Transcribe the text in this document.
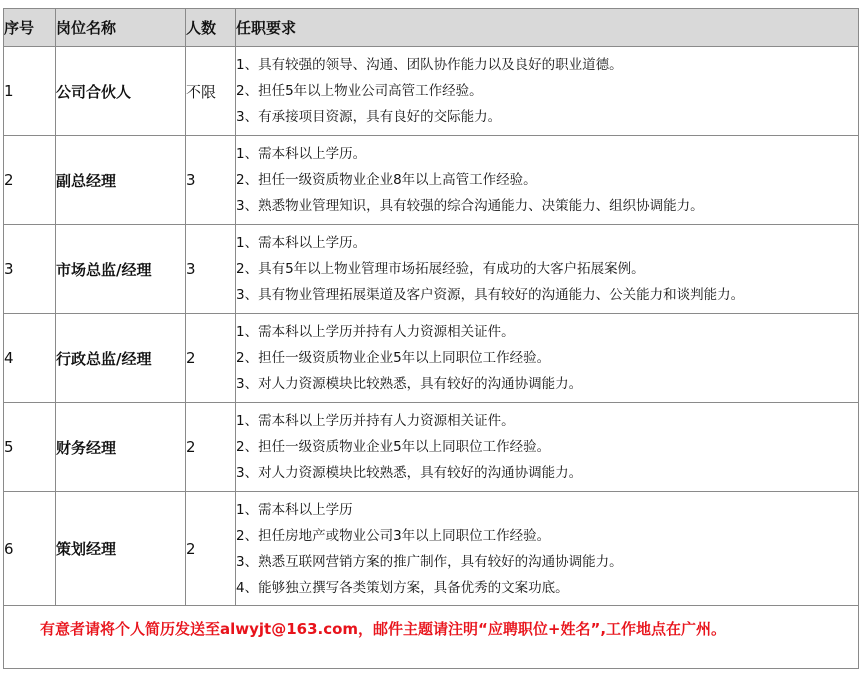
序号	岗位名称	人数	任职要求
1	公司合伙人	不限	1、具有较强的领导、沟通、团队协作能力以及良好的职业道德。
2、担任5年以上物业公司高管工作经验。
3、有承接项目资源，具有良好的交际能力。

2	副总经理	3	1、需本科以上学历。
2、担任一级资质物业企业8年以上高管工作经验。
3、熟悉物业管理知识，具有较强的综合沟通能力、决策能力、组织协调能力。

3	市场总监/经理	3	1、需本科以上学历。
2、具有5年以上物业管理市场拓展经验，有成功的大客户拓展案例。
3、具有物业管理拓展渠道及客户资源，具有较好的沟通能力、公关能力和谈判能力。

4	行政总监/经理	2	1、需本科以上学历并持有人力资源相关证件。
2、担任一级资质物业企业5年以上同职位工作经验。
3、对人力资源模块比较熟悉，具有较好的沟通协调能力。

5	财务经理	2	1、需本科以上学历并持有人力资源相关证件。
2、担任一级资质物业企业5年以上同职位工作经验。
3、对人力资源模块比较熟悉，具有较好的沟通协调能力。

6	策划经理	2	1、需本科以上学历
2、担任房地产或物业公司3年以上同职位工作经验。
3、熟悉互联网营销方案的推广制作，具有较好的沟通协调能力。
4、能够独立撰写各类策划方案，具备优秀的文案功底。

有意者请将个人简历发送至alwyjt@163.com，邮件主题请注明“应聘职位+姓名”,工作地点在广州。			
